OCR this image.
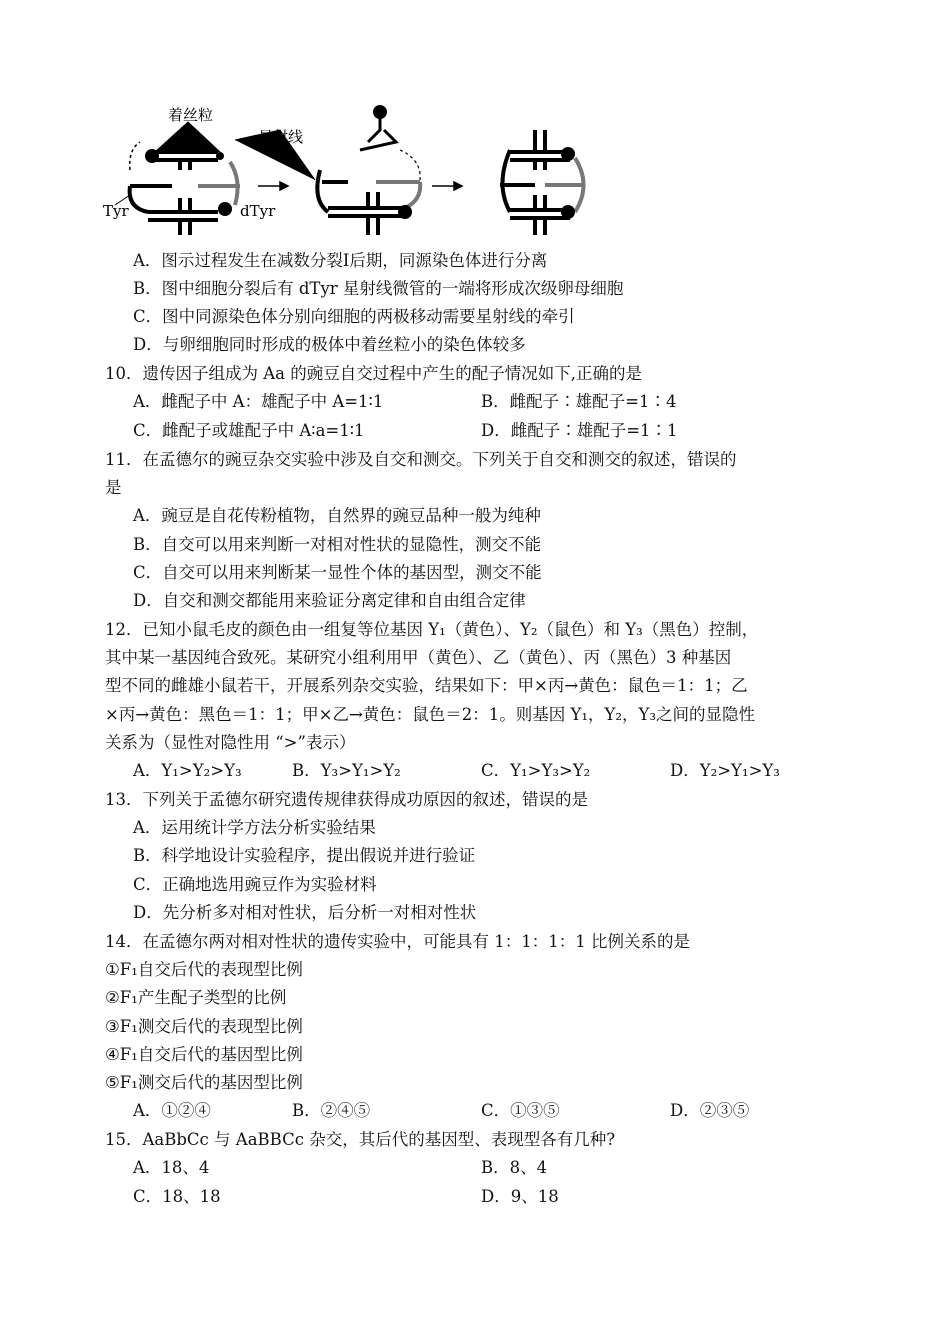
着丝粒
星射线
Tyr	dTyr
A．图示过程发生在减数分裂Ⅰ后期，同源染色体进行分离
B．图中细胞分裂后有 dTyr 星射线微管的一端将形成次级卵母细胞
C．图中同源染色体分别向细胞的两极移动需要星射线的牵引
D．与卵细胞同时形成的极体中着丝粒小的染色体较多
10．遗传因子组成为 Aa 的豌豆自交过程中产生的配子情况如下,正确的是
A．雌配子中 A：雄配子中 A=1∶1	B．雌配子∶雄配子=1∶4
C．雌配子或雄配子中 A∶a=1∶1	D．雌配子∶雄配子=1∶1
11．在孟德尔的豌豆杂交实验中涉及自交和测交。下列关于自交和测交的叙述，错误的
是
A．豌豆是自花传粉植物，自然界的豌豆品种一般为纯种
B．自交可以用来判断一对相对性状的显隐性，测交不能
C．自交可以用来判断某一显性个体的基因型，测交不能
D．自交和测交都能用来验证分离定律和自由组合定律
12．已知小鼠毛皮的颜色由一组复等位基因 Y₁（黄色）、Y₂（鼠色）和 Y₃（黑色）控制，
其中某一基因纯合致死。某研究小组利用甲（黄色）、乙（黄色）、丙（黑色）3 种基因
型不同的雌雄小鼠若干，开展系列杂交实验，结果如下：甲×丙→黄色：鼠色＝1：1；乙
×丙→黄色：黑色＝1：1；甲×乙→黄色：鼠色＝2：1。则基因 Y₁，Y₂，Y₃之间的显隐性
关系为（显性对隐性用 “>”表示）
A．Y₁>Y₂>Y₃	B．Y₃>Y₁>Y₂	C．Y₁>Y₃>Y₂	D．Y₂>Y₁>Y₃
13．下列关于孟德尔研究遗传规律获得成功原因的叙述，错误的是
A．运用统计学方法分析实验结果
B．科学地设计实验程序，提出假说并进行验证
C．正确地选用豌豆作为实验材料
D．先分析多对相对性状，后分析一对相对性状
14．在孟德尔两对相对性状的遗传实验中，可能具有 1：1：1：1 比例关系的是
①F₁自交后代的表现型比例
②F₁产生配子类型的比例
③F₁测交后代的表现型比例
④F₁自交后代的基因型比例
⑤F₁测交后代的基因型比例
A．①②④	B．②④⑤	C．①③⑤	D．②③⑤
15．AaBbCc 与 AaBBCc 杂交，其后代的基因型、表现型各有几种?
A．18、4	B．8、4
C．18、18	D．9、18
